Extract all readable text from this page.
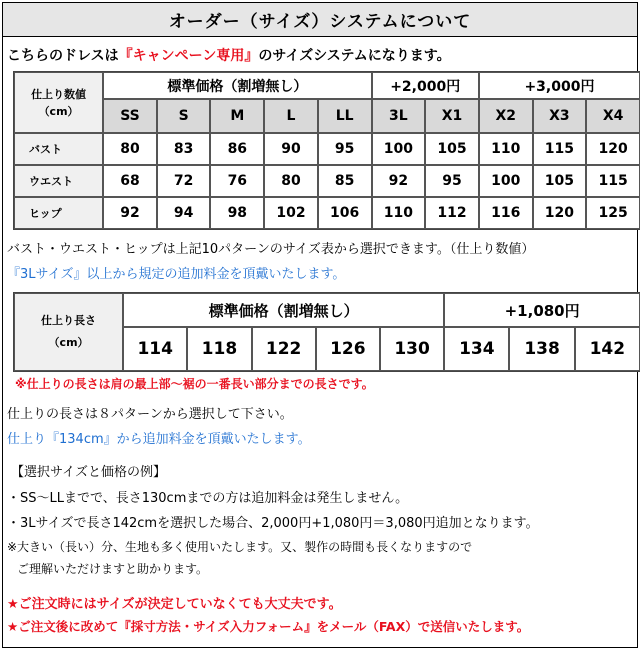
オーダー（サイズ）システムについて
こちらのドレスは『キャンペーン専用』のサイズシステムになります。
仕上り数値
（cm）	標準価格（割増無し）					+2,000円		+3,000円		
	SS	S	M	L	LL	3L	X1	X2	X3	X4
バスト	80	83	86	90	95	100	105	110	115	120
ウエスト	68	72	76	80	85	92	95	100	105	115
ヒップ	92	94	98	102	106	110	112	116	120	125
バスト・ウエスト・ヒップは上記10パターンのサイズ表から選択できます。（仕上り数値）
『3Lサイズ』以上から規定の追加料金を頂戴いたします。
仕上り長さ
（cm）	標準価格（割増無し）					+1,080円		
	114	118	122	126	130	134	138	142
※仕上りの長さは肩の最上部～裾の一番長い部分までの長さです。
仕上りの長さは８パターンから選択して下さい。
仕上り『134cm』から追加料金を頂戴いたします。
【選択サイズと価格の例】
・SS～LLまでで、長さ130cmまでの方は追加料金は発生しません。
・3Lサイズで長さ142cmを選択した場合、2,000円+1,080円＝3,080円追加となります。
※大きい（長い）分、生地も多く使用いたします。又、製作の時間も長くなりますので
ご理解いただけますと助かります。
★ご注文時にはサイズが決定していなくても大丈夫です。
★ご注文後に改めて『採寸方法・サイズ入力フォーム』をメール（FAX）で送信いたします。
